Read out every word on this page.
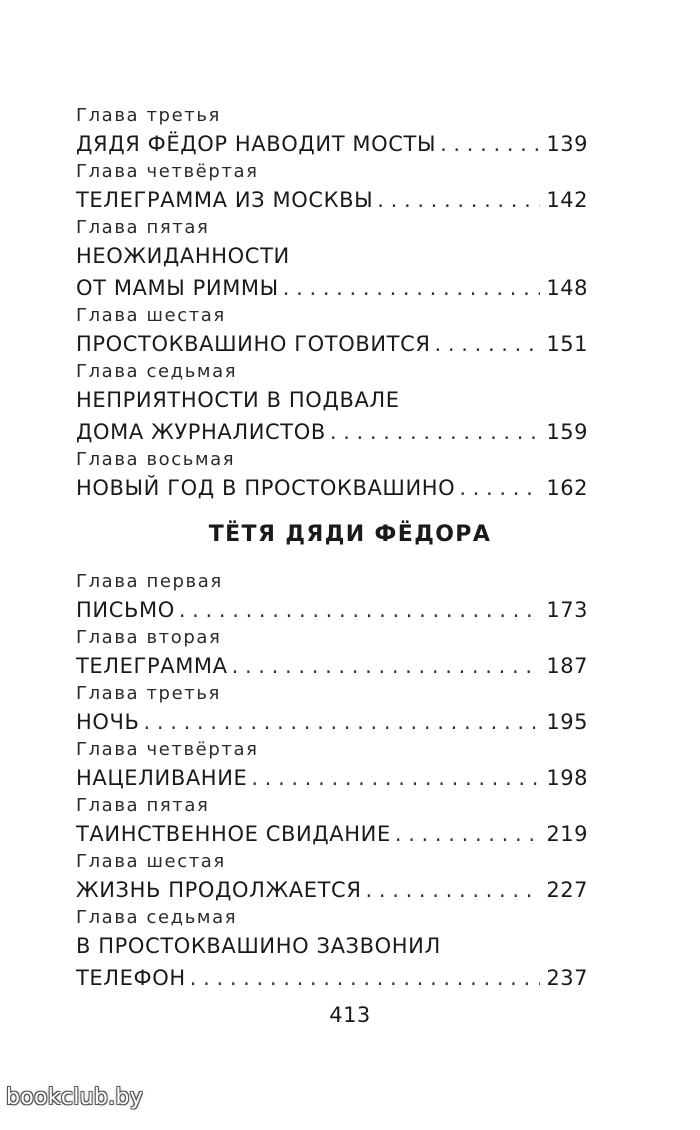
Глава третья
ДЯДЯ ФЁДОР НАВОДИТ МОСТЫ . . .	139
Глава четвёртая
ТЕЛЕГРАММА ИЗ МОСКВЫ . . .	142
Глава пятая
НЕОЖИДАННОСТИ
ОТ МАМЫ РИММЫ . . .	148
Глава шестая
ПРОСТОКВАШИНО ГОТОВИТСЯ . . .	151
Глава седьмая
НЕПРИЯТНОСТИ В ПОДВАЛЕ
ДОМА ЖУРНАЛИСТОВ . . .	159
Глава восьмая
НОВЫЙ ГОД В ПРОСТОКВАШИНО . . .	162
ТЁТЯ ДЯДИ ФЁДОРА
Глава первая
ПИСЬМО . . .	173
Глава вторая
ТЕЛЕГРАММА . . .	187
Глава третья
НОЧЬ . . .	195
Глава четвёртая
НАЦЕЛИВАНИЕ . . .	198
Глава пятая
ТАИНСТВЕННОЕ СВИДАНИЕ . . .	219
Глава шестая
ЖИЗНЬ ПРОДОЛЖАЕТСЯ . . .	227
Глава седьмая
В ПРОСТОКВАШИНО ЗАЗВОНИЛ
ТЕЛЕФОН . . .	237
413
bookclub.by
